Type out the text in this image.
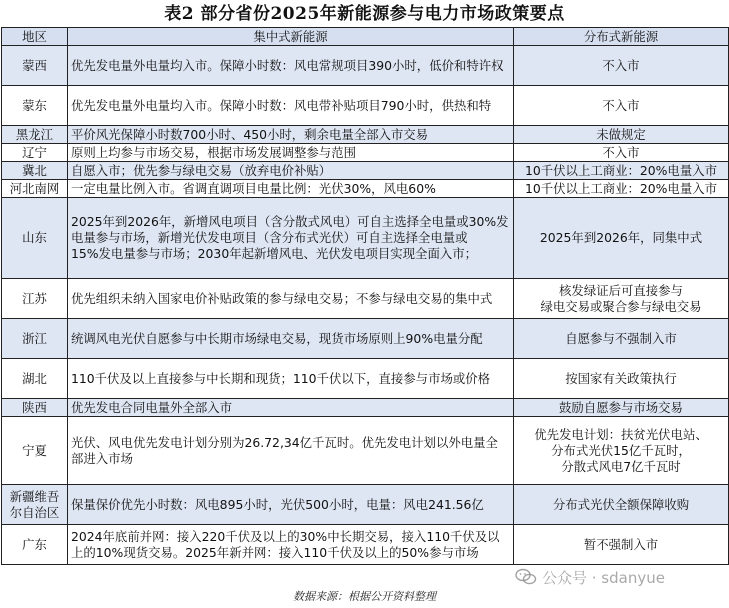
表2 部分省份2025年新能源参与电力市场政策要点
地区	集中式新能源	分布式新能源
蒙西	优先发电量外电量均入市。保障小时数：风电常规项目390小时，低价和特许权	不入市
蒙东	优先发电量外电量均入市。保障小时数：风电带补贴项目790小时，供热和特	不入市
黑龙江	平价风光保障小时数700小时、450小时，剩余电量全部入市交易	未做规定
辽宁	原则上均参与市场交易，根据市场发展调整参与范围	不入市
冀北	自愿入市；优先参与绿电交易（放弃电价补贴）	10千伏以上工商业：20%电量入市
河北南网	一定电量比例入市。省调直调项目电量比例：光伏30%，风电60%	10千伏以上工商业：20%电量入市
山东	2025年到2026年，新增风电项目（含分散式风电）可自主选择全电量或30%发电量参与市场，新增光伏发电项目（含分布式光伏）可自主选择全电量或
15%发电量参与市场；2030年起新增风电、光伏发电项目实现全面入市；	2025年到2026年，同集中式
江苏	优先组织未纳入国家电价补贴政策的参与绿电交易；不参与绿电交易的集中式	核发绿证后可直接参与
绿电交易或聚合参与绿电交易
浙江	统调风电光伏自愿参与中长期市场绿电交易，现货市场原则上90%电量分配	自愿参与不强制入市
湖北	110千伏及以上直接参与中长期和现货；110千伏以下，直接参与市场或价格	按国家有关政策执行
陕西	优先发电合同电量外全部入市	鼓励自愿参与市场交易
宁夏	光伏、风电优先发电计划分别为26.72,34亿千瓦时。优先发电计划以外电量全部进入市场	优先发电计划：扶贫光伏电站、
分布式光伏15亿千瓦时，
分散式风电7亿千瓦时
新疆维吾尔自治区	保量保价优先小时数：风电895小时，光伏500小时，电量：风电241.56亿	分布式光伏全额保障收购
广东	2024年底前并网：接入220千伏及以上的30%中长期交易，接入110千伏及以上的10%现货交易。2025年新并网：接入110千伏及以上的50%参与市场	暂不强制入市
公众号 · sdanyue
数据来源：根据公开资料整理
